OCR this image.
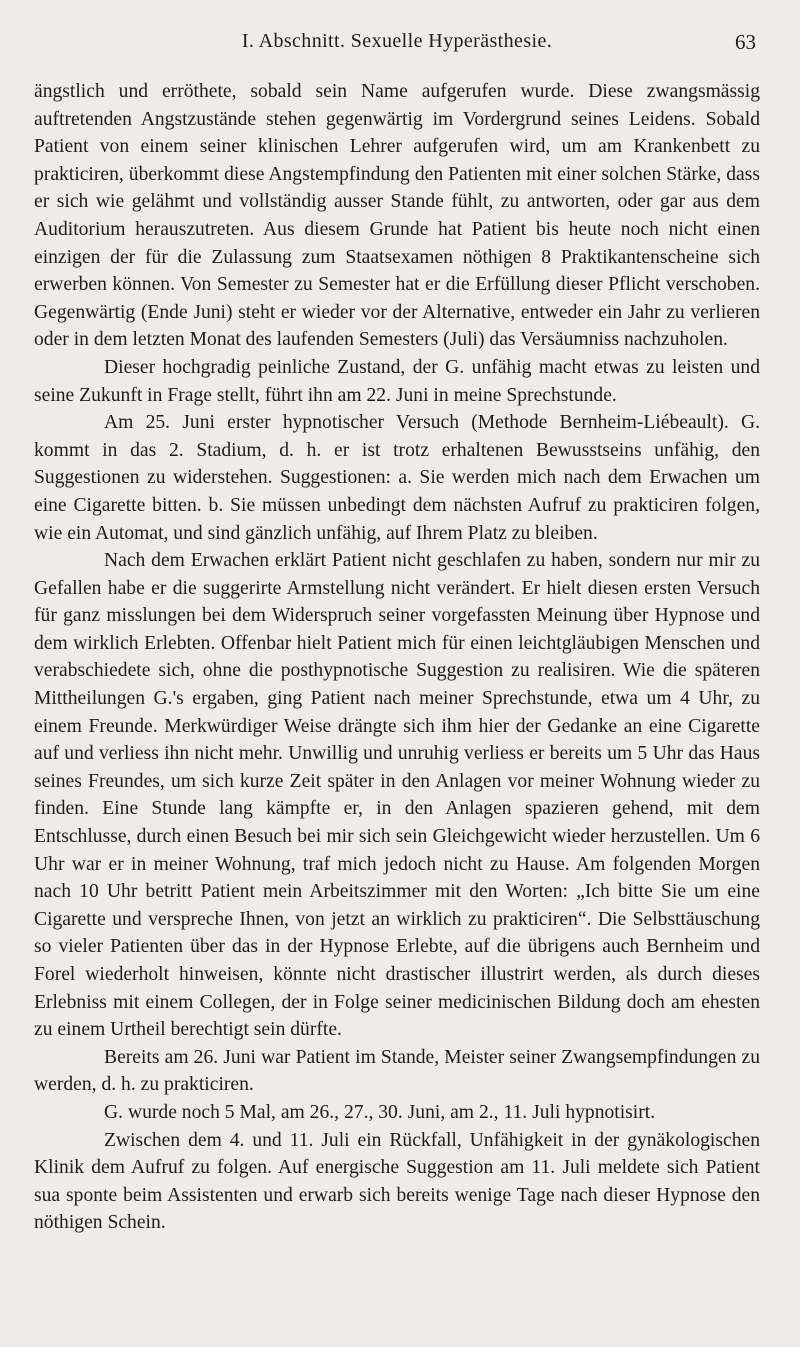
I. Abschnitt. Sexuelle Hyperästhesie.	63

ängstlich und erröthete, sobald sein Name aufgerufen wurde. Diese zwangsmässig auftretenden Angstzustände stehen gegenwärtig im Vordergrund seines Leidens. Sobald Patient von einem seiner klinischen Lehrer aufgerufen wird, um am Krankenbett zu prakticiren, überkommt diese Angstempfindung den Patienten mit einer solchen Stärke, dass er sich wie gelähmt und vollständig ausser Stande fühlt, zu antworten, oder gar aus dem Auditorium herauszutreten. Aus diesem Grunde hat Patient bis heute noch nicht einen einzigen der für die Zulassung zum Staatsexamen nöthigen 8 Praktikantenscheine sich erwerben können. Von Semester zu Semester hat er die Erfüllung dieser Pflicht verschoben. Gegenwärtig (Ende Juni) steht er wieder vor der Alternative, entweder ein Jahr zu verlieren oder in dem letzten Monat des laufenden Semesters (Juli) das Versäumniss nachzuholen.

Dieser hochgradig peinliche Zustand, der G. unfähig macht etwas zu leisten und seine Zukunft in Frage stellt, führt ihn am 22. Juni in meine Sprechstunde.

Am 25. Juni erster hypnotischer Versuch (Methode Bernheim-Liébeault). G. kommt in das 2. Stadium, d. h. er ist trotz erhaltenen Bewusstseins unfähig, den Suggestionen zu widerstehen. Suggestionen: a. Sie werden mich nach dem Erwachen um eine Cigarette bitten. b. Sie müssen unbedingt dem nächsten Aufruf zu prakticiren folgen, wie ein Automat, und sind gänzlich unfähig, auf Ihrem Platz zu bleiben.

Nach dem Erwachen erklärt Patient nicht geschlafen zu haben, sondern nur mir zu Gefallen habe er die suggerirte Armstellung nicht verändert. Er hielt diesen ersten Versuch für ganz misslungen bei dem Widerspruch seiner vorgefassten Meinung über Hypnose und dem wirklich Erlebten. Offenbar hielt Patient mich für einen leichtgläubigen Menschen und verabschiedete sich, ohne die posthypnotische Suggestion zu realisiren. Wie die späteren Mittheilungen G.'s ergaben, ging Patient nach meiner Sprechstunde, etwa um 4 Uhr, zu einem Freunde. Merkwürdiger Weise drängte sich ihm hier der Gedanke an eine Cigarette auf und verliess ihn nicht mehr. Unwillig und unruhig verliess er bereits um 5 Uhr das Haus seines Freundes, um sich kurze Zeit später in den Anlagen vor meiner Wohnung wieder zu finden. Eine Stunde lang kämpfte er, in den Anlagen spazieren gehend, mit dem Entschlusse, durch einen Besuch bei mir sich sein Gleichgewicht wieder herzustellen. Um 6 Uhr war er in meiner Wohnung, traf mich jedoch nicht zu Hause. Am folgenden Morgen nach 10 Uhr betritt Patient mein Arbeitszimmer mit den Worten: „Ich bitte Sie um eine Cigarette und verspreche Ihnen, von jetzt an wirklich zu prakticiren“. Die Selbsttäuschung so vieler Patienten über das in der Hypnose Erlebte, auf die übrigens auch Bernheim und Forel wiederholt hinweisen, könnte nicht drastischer illustrirt werden, als durch dieses Erlebniss mit einem Collegen, der in Folge seiner medicinischen Bildung doch am ehesten zu einem Urtheil berechtigt sein dürfte.

Bereits am 26. Juni war Patient im Stande, Meister seiner Zwangsempfindungen zu werden, d. h. zu prakticiren.

G. wurde noch 5 Mal, am 26., 27., 30. Juni, am 2., 11. Juli hypnotisirt.

Zwischen dem 4. und 11. Juli ein Rückfall, Unfähigkeit in der gynäkologischen Klinik dem Aufruf zu folgen. Auf energische Suggestion am 11. Juli meldete sich Patient sua sponte beim Assistenten und erwarb sich bereits wenige Tage nach dieser Hypnose den nöthigen Schein.
